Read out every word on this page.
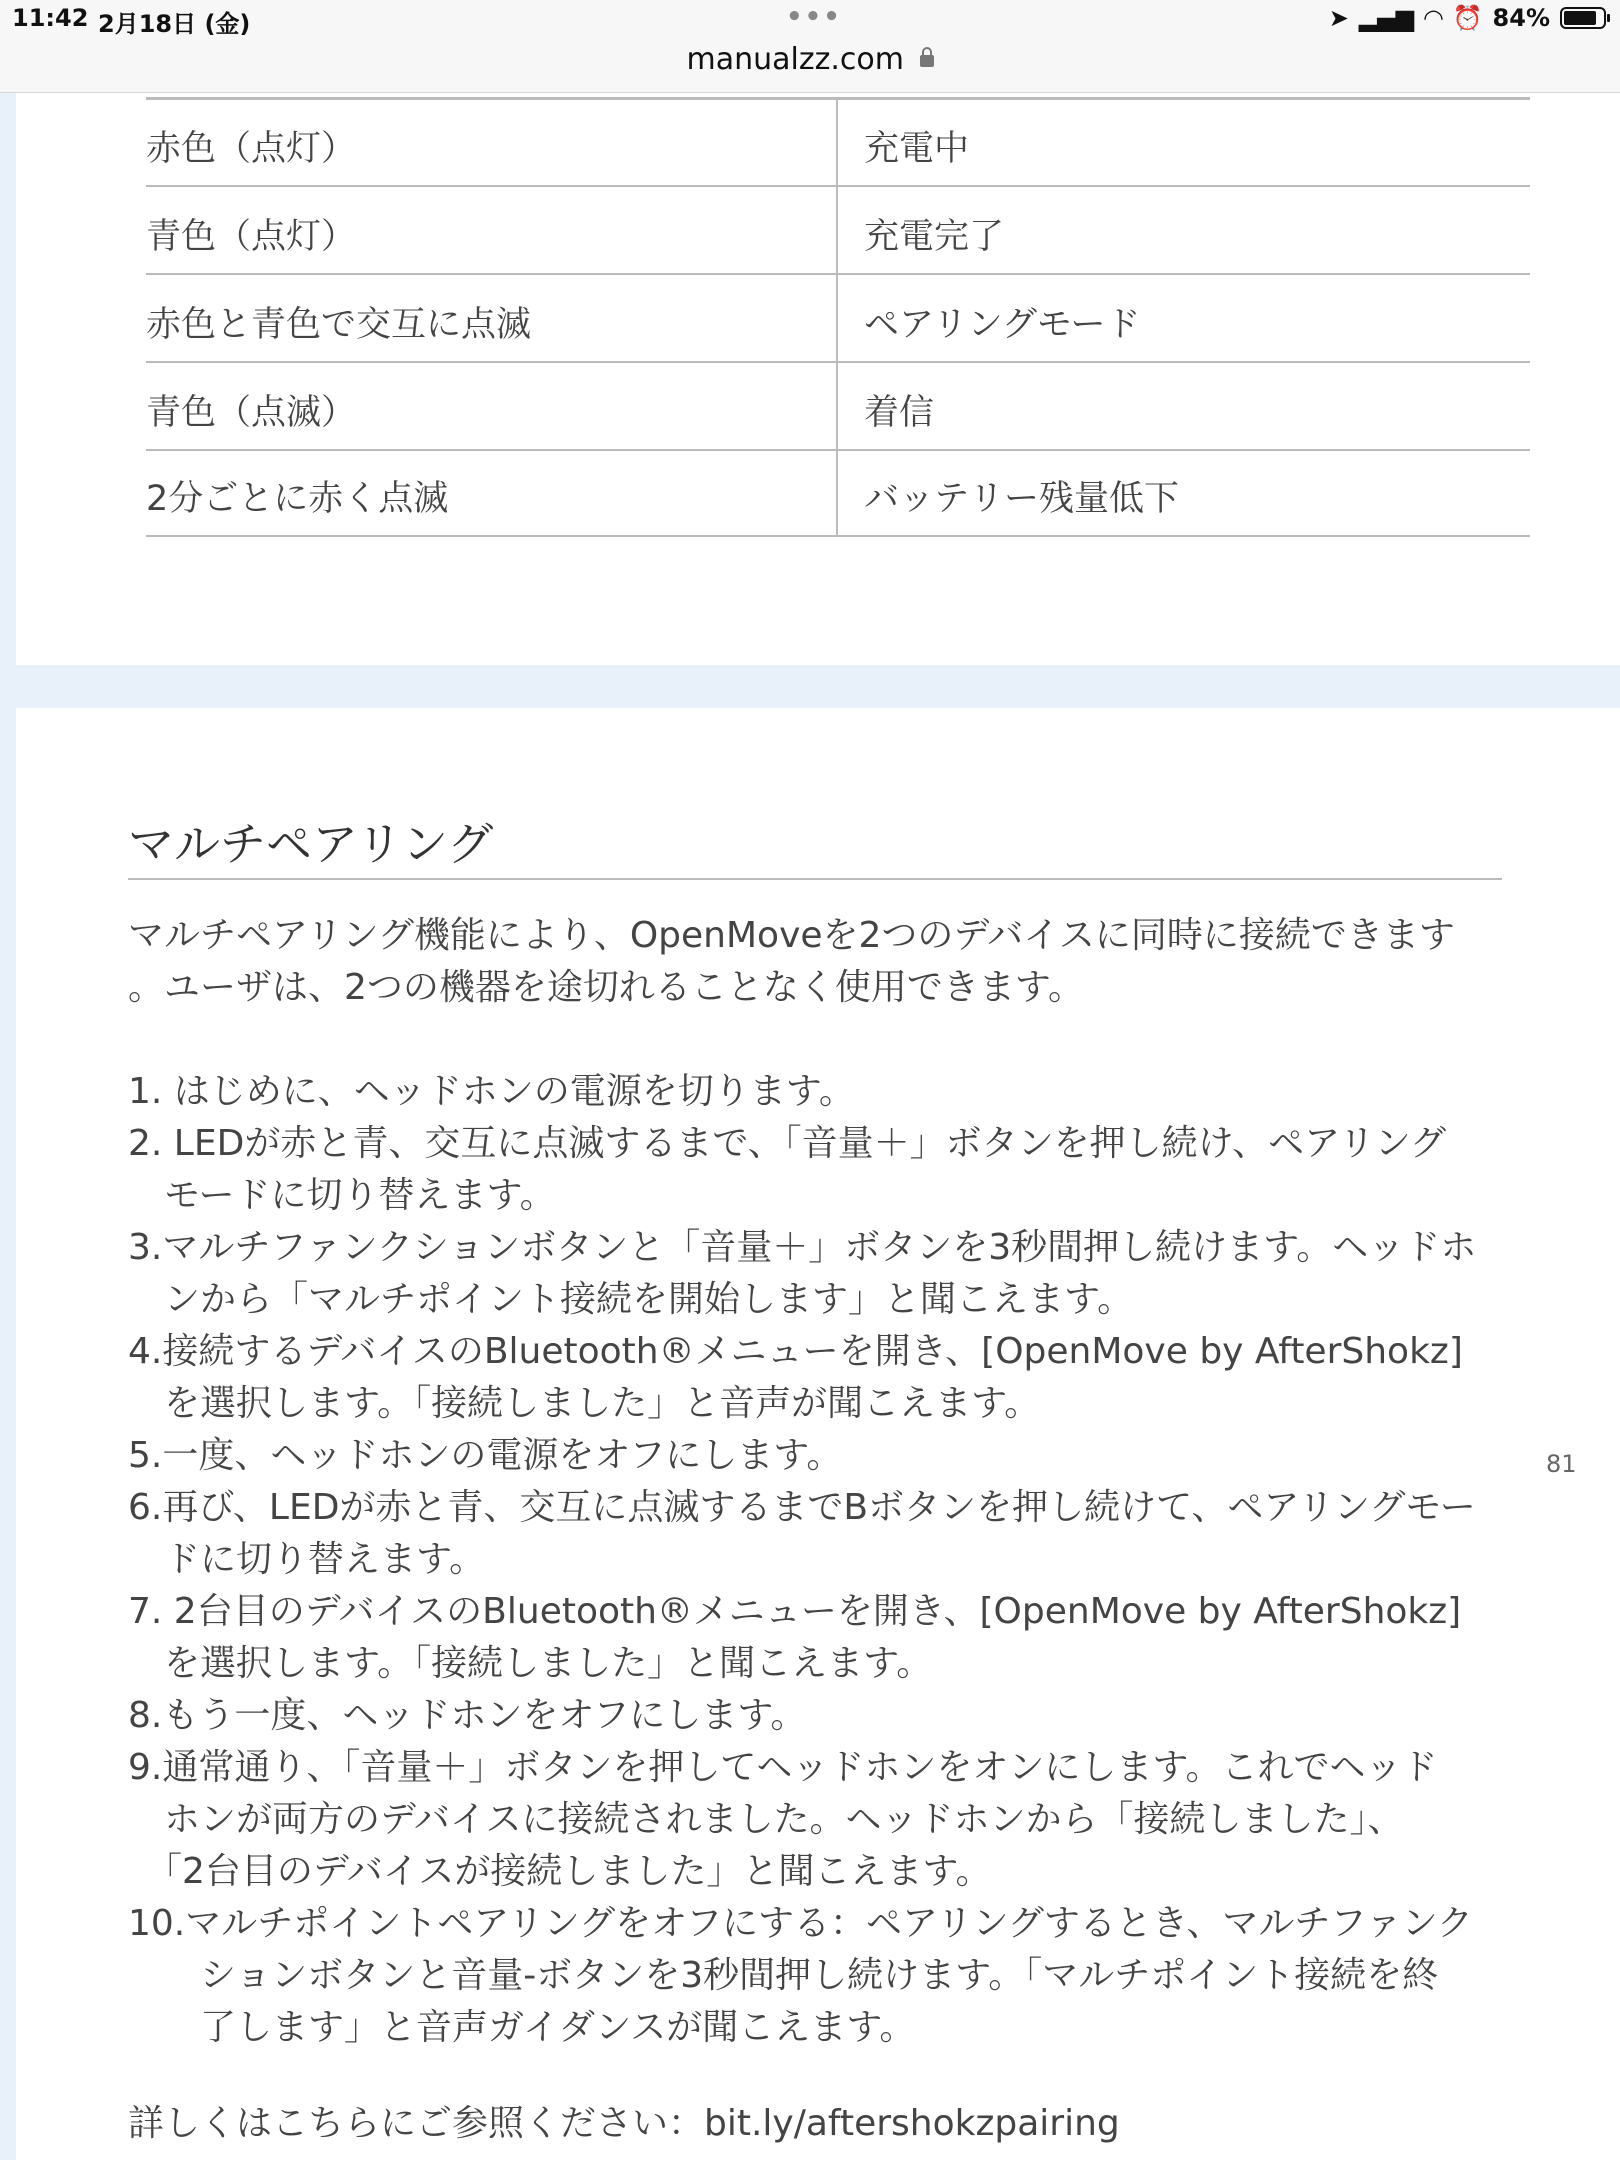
11:42 2月18日 (金)	•••	➤ ▂▄▆ ◠ ⏰ 84%
manualzz.com
赤色（点灯）	充電中
青色（点灯）	充電完了
赤色と青色で交互に点滅	ペアリングモード
青色（点滅）	着信
2分ごとに赤く点滅	バッテリー残量低下
マルチペアリング
マルチペアリング機能により、OpenMoveを2つのデバイスに同時に接続できます
。ユーザは、2つの機器を途切れることなく使用できます。
1. はじめに、ヘッドホンの電源を切ります。
2. LEDが赤と青、交互に点滅するまで、「音量＋」ボタンを押し続け、ペアリング
　モードに切り替えます。
3.マルチファンクションボタンと「音量＋」ボタンを3秒間押し続けます。ヘッドホ
　ンから「マルチポイント接続を開始します」と聞こえます。
4.接続するデバイスのBluetooth®メニューを開き、[OpenMove by AfterShokz]
　を選択します。「接続しました」と音声が聞こえます。
5.一度、ヘッドホンの電源をオフにします。
6.再び、LEDが赤と青、交互に点滅するまでBボタンを押し続けて、ペアリングモー
　ドに切り替えます。
7. 2台目のデバイスのBluetooth®メニューを開き、[OpenMove by AfterShokz]
　を選択します。「接続しました」と聞こえます。
8.もう一度、ヘッドホンをオフにします。
9.通常通り、「音量＋」ボタンを押してヘッドホンをオンにします。これでヘッド
　ホンが両方のデバイスに接続されました。ヘッドホンから「接続しました」、
　「2台目のデバイスが接続しました」と聞こえます。
10.マルチポイントペアリングをオフにする：ペアリングするとき、マルチファンク
　　ションボタンと音量-ボタンを3秒間押し続けます。「マルチポイント接続を終
　　了します」と音声ガイダンスが聞こえます。
詳しくはこちらにご参照ください：bit.ly/aftershokzpairing
81
